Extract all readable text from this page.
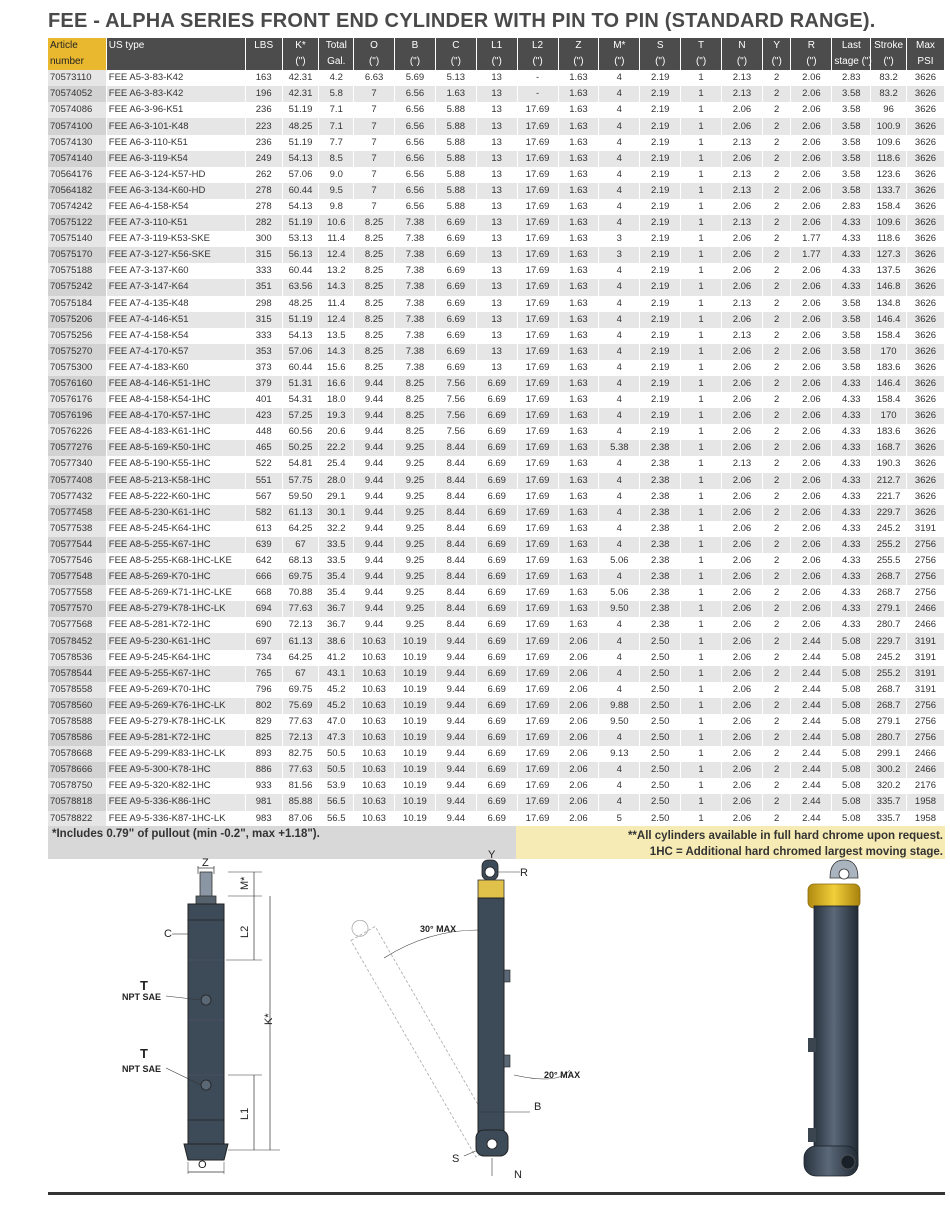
FEE - ALPHA SERIES FRONT END CYLINDER WITH PIN TO PIN (STANDARD RANGE).
Article	US type	LBS	K*	Total	O	B	C	L1	L2	Z	M*	S	T	N	Y	R	Last	Stroke	Max
number			(")	Gal.	(")	(")	(")	(")	(")	(")	(")	(")	(")	(")	(")	(")	stage (")	(")	PSI
70573110	FEE A5-3-83-K42	163	42.31	4.2	6.63	5.69	5.13	13	-	1.63	4	2.19	1	2.13	2	2.06	2.83	83.2	3626
70574052	FEE A6-3-83-K42	196	42.31	5.8	7	6.56	1.63	13	-	1.63	4	2.19	1	2.13	2	2.06	3.58	83.2	3626
70574086	FEE A6-3-96-K51	236	51.19	7.1	7	6.56	5.88	13	17.69	1.63	4	2.19	1	2.06	2	2.06	3.58	96	3626
70574100	FEE A6-3-101-K48	223	48.25	7.1	7	6.56	5.88	13	17.69	1.63	4	2.19	1	2.06	2	2.06	3.58	100.9	3626
70574130	FEE A6-3-110-K51	236	51.19	7.7	7	6.56	5.88	13	17.69	1.63	4	2.19	1	2.13	2	2.06	3.58	109.6	3626
70574140	FEE A6-3-119-K54	249	54.13	8.5	7	6.56	5.88	13	17.69	1.63	4	2.19	1	2.06	2	2.06	3.58	118.6	3626
70564176	FEE A6-3-124-K57-HD	262	57.06	9.0	7	6.56	5.88	13	17.69	1.63	4	2.19	1	2.13	2	2.06	3.58	123.6	3626
70564182	FEE A6-3-134-K60-HD	278	60.44	9.5	7	6.56	5.88	13	17.69	1.63	4	2.19	1	2.13	2	2.06	3.58	133.7	3626
70574242	FEE A6-4-158-K54	278	54.13	9.8	7	6.56	5.88	13	17.69	1.63	4	2.19	1	2.06	2	2.06	2.83	158.4	3626
70575122	FEE A7-3-110-K51	282	51.19	10.6	8.25	7.38	6.69	13	17.69	1.63	4	2.19	1	2.13	2	2.06	4.33	109.6	3626
70575140	FEE A7-3-119-K53-SKE	300	53.13	11.4	8.25	7.38	6.69	13	17.69	1.63	3	2.19	1	2.06	2	1.77	4.33	118.6	3626
70575170	FEE A7-3-127-K56-SKE	315	56.13	12.4	8.25	7.38	6.69	13	17.69	1.63	3	2.19	1	2.06	2	1.77	4.33	127.3	3626
70575188	FEE A7-3-137-K60	333	60.44	13.2	8.25	7.38	6.69	13	17.69	1.63	4	2.19	1	2.06	2	2.06	4.33	137.5	3626
70575242	FEE A7-3-147-K64	351	63.56	14.3	8.25	7.38	6.69	13	17.69	1.63	4	2.19	1	2.06	2	2.06	4.33	146.8	3626
70575184	FEE A7-4-135-K48	298	48.25	11.4	8.25	7.38	6.69	13	17.69	1.63	4	2.19	1	2.13	2	2.06	3.58	134.8	3626
70575206	FEE A7-4-146-K51	315	51.19	12.4	8.25	7.38	6.69	13	17.69	1.63	4	2.19	1	2.06	2	2.06	3.58	146.4	3626
70575256	FEE A7-4-158-K54	333	54.13	13.5	8.25	7.38	6.69	13	17.69	1.63	4	2.19	1	2.13	2	2.06	3.58	158.4	3626
70575270	FEE A7-4-170-K57	353	57.06	14.3	8.25	7.38	6.69	13	17.69	1.63	4	2.19	1	2.06	2	2.06	3.58	170	3626
70575300	FEE A7-4-183-K60	373	60.44	15.6	8.25	7.38	6.69	13	17.69	1.63	4	2.19	1	2.06	2	2.06	3.58	183.6	3626
70576160	FEE A8-4-146-K51-1HC	379	51.31	16.6	9.44	8.25	7.56	6.69	17.69	1.63	4	2.19	1	2.06	2	2.06	4.33	146.4	3626
70576176	FEE A8-4-158-K54-1HC	401	54.31	18.0	9.44	8.25	7.56	6.69	17.69	1.63	4	2.19	1	2.06	2	2.06	4.33	158.4	3626
70576196	FEE A8-4-170-K57-1HC	423	57.25	19.3	9.44	8.25	7.56	6.69	17.69	1.63	4	2.19	1	2.06	2	2.06	4.33	170	3626
70576226	FEE A8-4-183-K61-1HC	448	60.56	20.6	9.44	8.25	7.56	6.69	17.69	1.63	4	2.19	1	2.06	2	2.06	4.33	183.6	3626
70577276	FEE A8-5-169-K50-1HC	465	50.25	22.2	9.44	9.25	8.44	6.69	17.69	1.63	5.38	2.38	1	2.06	2	2.06	4.33	168.7	3626
70577340	FEE A8-5-190-K55-1HC	522	54.81	25.4	9.44	9.25	8.44	6.69	17.69	1.63	4	2.38	1	2.13	2	2.06	4.33	190.3	3626
70577408	FEE A8-5-213-K58-1HC	551	57.75	28.0	9.44	9.25	8.44	6.69	17.69	1.63	4	2.38	1	2.06	2	2.06	4.33	212.7	3626
70577432	FEE A8-5-222-K60-1HC	567	59.50	29.1	9.44	9.25	8.44	6.69	17.69	1.63	4	2.38	1	2.06	2	2.06	4.33	221.7	3626
70577458	FEE A8-5-230-K61-1HC	582	61.13	30.1	9.44	9.25	8.44	6.69	17.69	1.63	4	2.38	1	2.06	2	2.06	4.33	229.7	3626
70577538	FEE A8-5-245-K64-1HC	613	64.25	32.2	9.44	9.25	8.44	6.69	17.69	1.63	4	2.38	1	2.06	2	2.06	4.33	245.2	3191
70577544	FEE A8-5-255-K67-1HC	639	67	33.5	9.44	9.25	8.44	6.69	17.69	1.63	4	2.38	1	2.06	2	2.06	4.33	255.2	2756
70577546	FEE A8-5-255-K68-1HC-LKE	642	68.13	33.5	9.44	9.25	8.44	6.69	17.69	1.63	5.06	2.38	1	2.06	2	2.06	4.33	255.5	2756
70577548	FEE A8-5-269-K70-1HC	666	69.75	35.4	9.44	9.25	8.44	6.69	17.69	1.63	4	2.38	1	2.06	2	2.06	4.33	268.7	2756
70577558	FEE A8-5-269-K71-1HC-LKE	668	70.88	35.4	9.44	9.25	8.44	6.69	17.69	1.63	5.06	2.38	1	2.06	2	2.06	4.33	268.7	2756
70577570	FEE A8-5-279-K78-1HC-LK	694	77.63	36.7	9.44	9.25	8.44	6.69	17.69	1.63	9.50	2.38	1	2.06	2	2.06	4.33	279.1	2466
70577568	FEE A8-5-281-K72-1HC	690	72.13	36.7	9.44	9.25	8.44	6.69	17.69	1.63	4	2.38	1	2.06	2	2.06	4.33	280.7	2466
70578452	FEE A9-5-230-K61-1HC	697	61.13	38.6	10.63	10.19	9.44	6.69	17.69	2.06	4	2.50	1	2.06	2	2.44	5.08	229.7	3191
70578536	FEE A9-5-245-K64-1HC	734	64.25	41.2	10.63	10.19	9.44	6.69	17.69	2.06	4	2.50	1	2.06	2	2.44	5.08	245.2	3191
70578544	FEE A9-5-255-K67-1HC	765	67	43.1	10.63	10.19	9.44	6.69	17.69	2.06	4	2.50	1	2.06	2	2.44	5.08	255.2	3191
70578558	FEE A9-5-269-K70-1HC	796	69.75	45.2	10.63	10.19	9.44	6.69	17.69	2.06	4	2.50	1	2.06	2	2.44	5.08	268.7	3191
70578560	FEE A9-5-269-K76-1HC-LK	802	75.69	45.2	10.63	10.19	9.44	6.69	17.69	2.06	9.88	2.50	1	2.06	2	2.44	5.08	268.7	2756
70578588	FEE A9-5-279-K78-1HC-LK	829	77.63	47.0	10.63	10.19	9.44	6.69	17.69	2.06	9.50	2.50	1	2.06	2	2.44	5.08	279.1	2756
70578586	FEE A9-5-281-K72-1HC	825	72.13	47.3	10.63	10.19	9.44	6.69	17.69	2.06	4	2.50	1	2.06	2	2.44	5.08	280.7	2756
70578668	FEE A9-5-299-K83-1HC-LK	893	82.75	50.5	10.63	10.19	9.44	6.69	17.69	2.06	9.13	2.50	1	2.06	2	2.44	5.08	299.1	2466
70578666	FEE A9-5-300-K78-1HC	886	77.63	50.5	10.63	10.19	9.44	6.69	17.69	2.06	4	2.50	1	2.06	2	2.44	5.08	300.2	2466
70578750	FEE A9-5-320-K82-1HC	933	81.56	53.9	10.63	10.19	9.44	6.69	17.69	2.06	4	2.50	1	2.06	2	2.44	5.08	320.2	2176
70578818	FEE A9-5-336-K86-1HC	981	85.88	56.5	10.63	10.19	9.44	6.69	17.69	2.06	4	2.50	1	2.06	2	2.44	5.08	335.7	1958
70578822	FEE A9-5-336-K87-1HC-LK	983	87.06	56.5	10.63	10.19	9.44	6.69	17.69	2.06	5	2.50	1	2.06	2	2.44	5.08	335.7	1958
*Includes 0.79" of pullout (min -0.2", max +1.18").	**All cylinders available in full hard chrome upon request.
1HC = Additional hard chromed largest moving stage.
Z
M*
L2
K*
L1
C
T
NPT SAE
T
NPT SAE
O
Y
R
30° MAX
20° MAX
B
S
N
